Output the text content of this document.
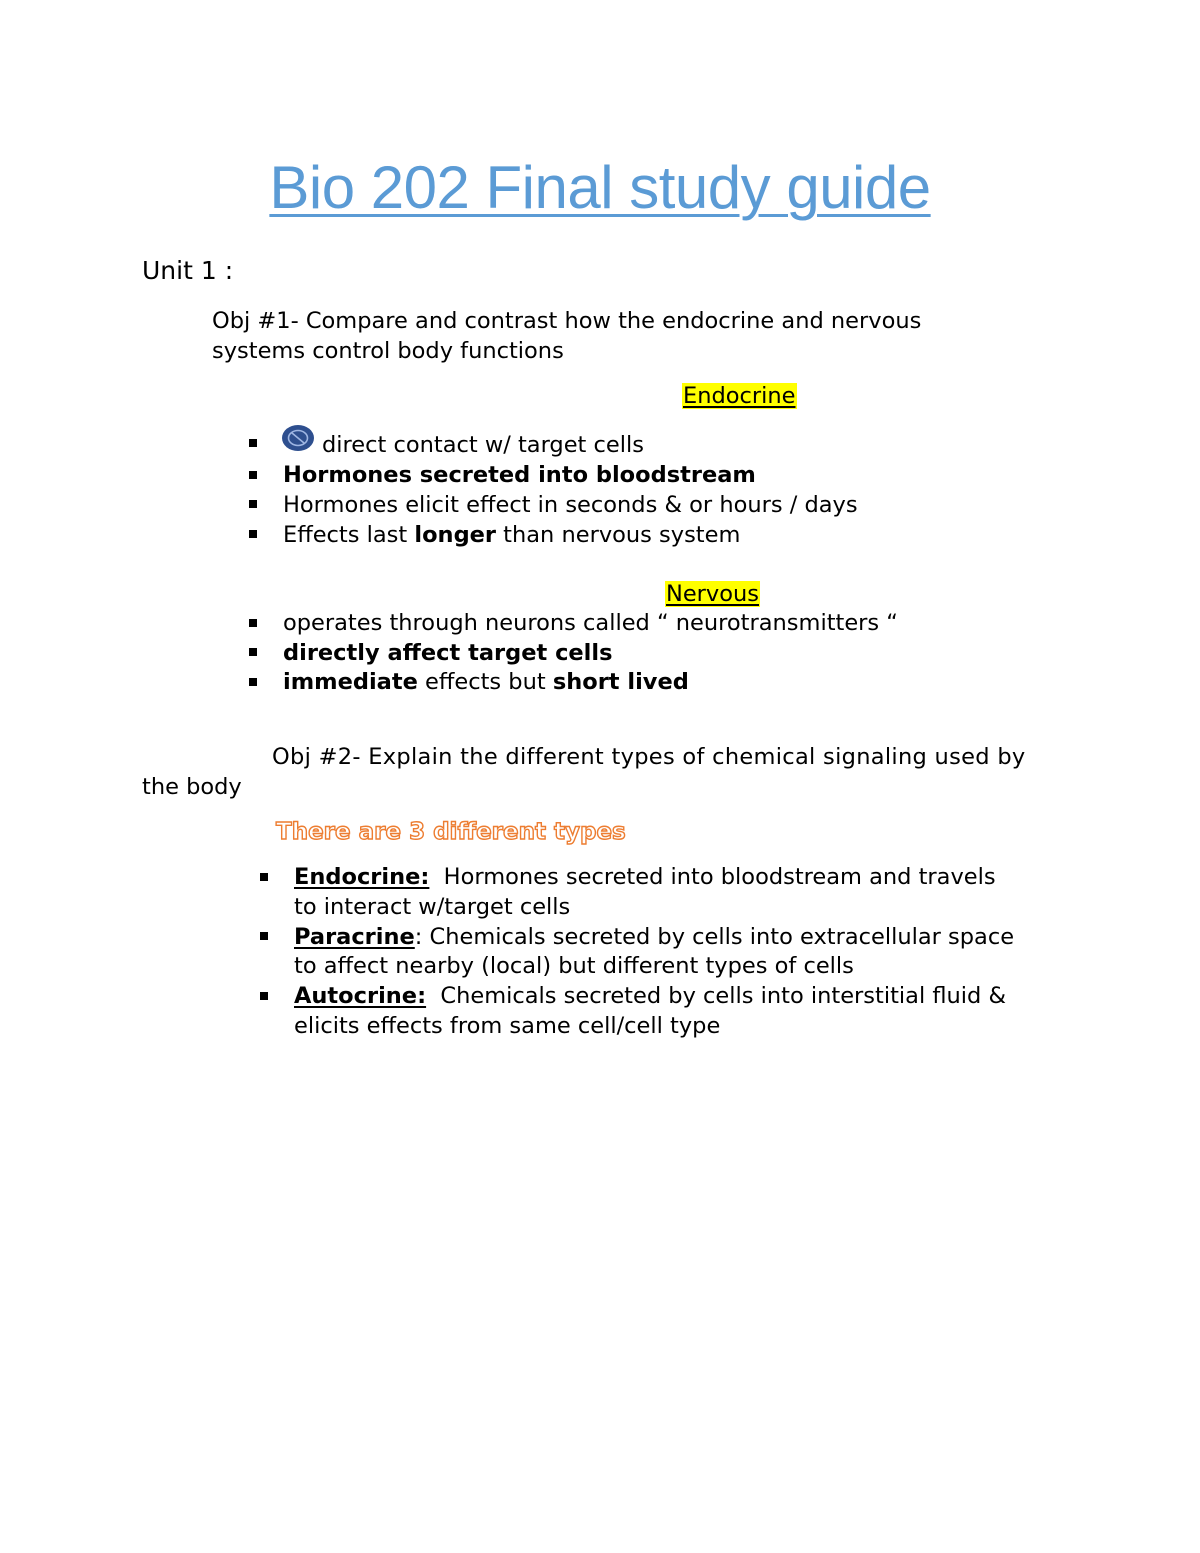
Bio 202 Final study guide
Unit 1 :
Obj #1- Compare and contrast how the endocrine and nervous
systems control body functions
Endocrine
direct contact w/ target cells
Hormones secreted into bloodstream
Hormones elicit effect in seconds & or hours / days
Effects last longer than nervous system
Nervous
operates through neurons called “ neurotransmitters “
directly affect target cells
immediate effects but short lived
Obj #2- Explain the different types of chemical signaling used by
the body
There are 3 different types
Endocrine:  Hormones secreted into bloodstream and travels
to interact w/target cells
Paracrine: Chemicals secreted by cells into extracellular space
to affect nearby (local) but different types of cells
Autocrine:  Chemicals secreted by cells into interstitial fluid &
elicits effects from same cell/cell type
